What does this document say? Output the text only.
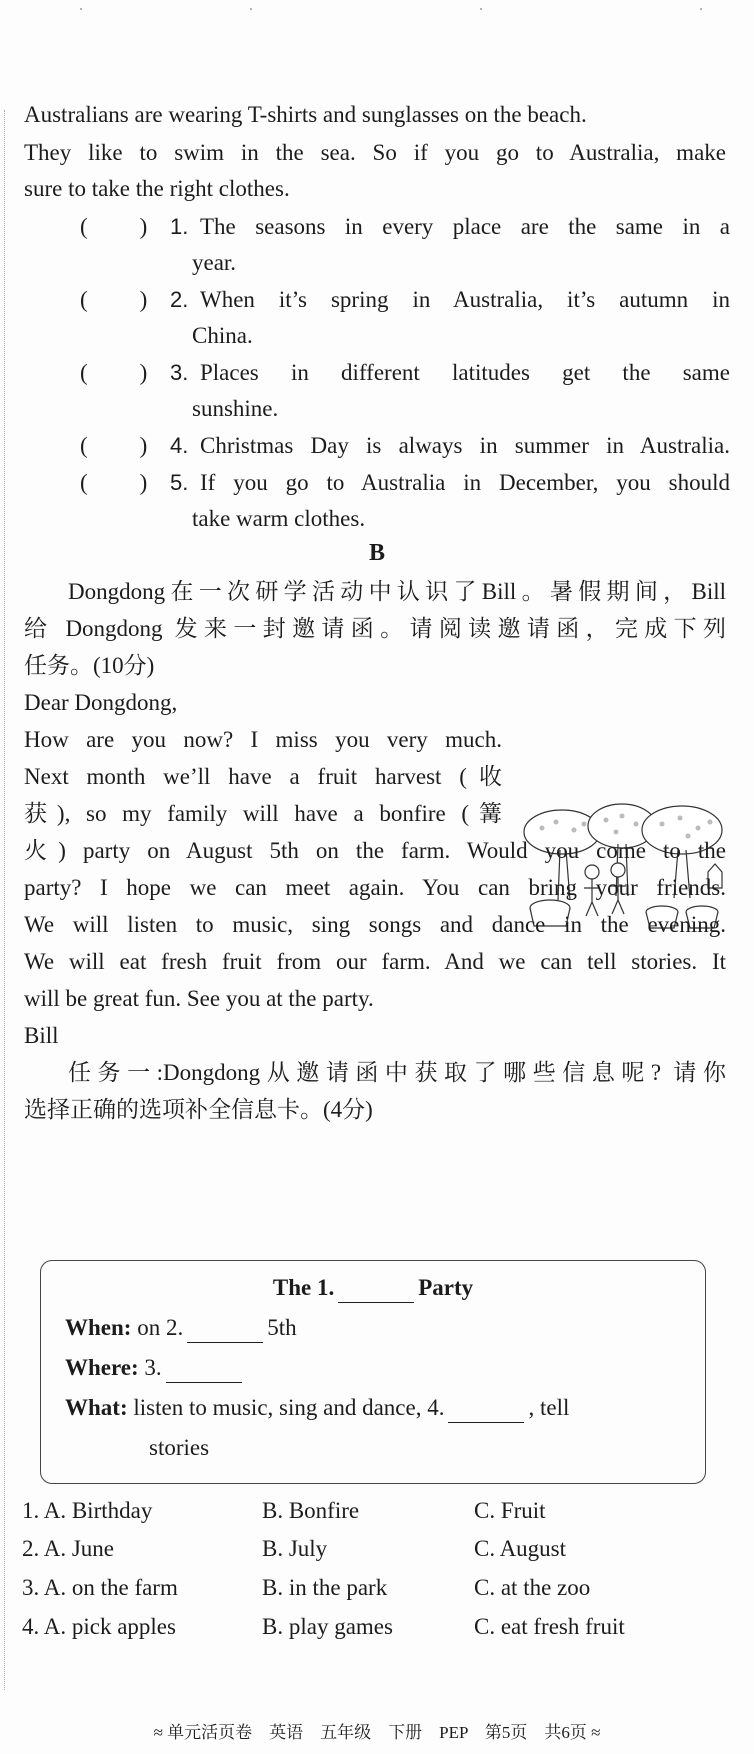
Australians are wearing T-shirts and sunglasses on the beach.
They like to swim in the sea. So if you go to Australia, make
sure to take the right clothes.
( ) 1. The seasons in every place are the same in a
year.
( ) 2. When it’s spring in Australia, it’s autumn in
China.
( ) 3. Places in different latitudes get the same
sunshine.
( ) 4. Christmas Day is always in summer in Australia.
( ) 5. If you go to Australia in December, you should
take warm clothes.
B
Dongdong在一次研学活动中认识了Bill。暑假期间，Bill
给 Dongdong 发来一封邀请函。请阅读邀请函，完成下列
任务。(10分)
Dear Dongdong,
How are you now? I miss you very much.
Next month we’ll have a fruit harvest (收
获), so my family will have a bonfire (篝
火) party on August 5th on the farm. Would you come to the
party? I hope we can meet again. You can bring your friends.
We will listen to music, sing songs and dance in the evening.
We will eat fresh fruit from our farm. And we can tell stories. It
will be great fun. See you at the party.
Bill
任务一:Dongdong从邀请函中获取了哪些信息呢? 请你
选择正确的选项补全信息卡。(4分)
The 1.	Party
When: on 2.	5th
Where: 3.
What: listen to music, sing and dance, 4.	, tell
stories
1. A. Birthday	B. Bonfire	C. Fruit
2. A. June	B. July	C. August
3. A. on the farm	B. in the park	C. at the zoo
4. A. pick apples	B. play games	C. eat fresh fruit
≈ 单元活页卷　英语　五年级　下册　PEP　第5页　共6页 ≈
